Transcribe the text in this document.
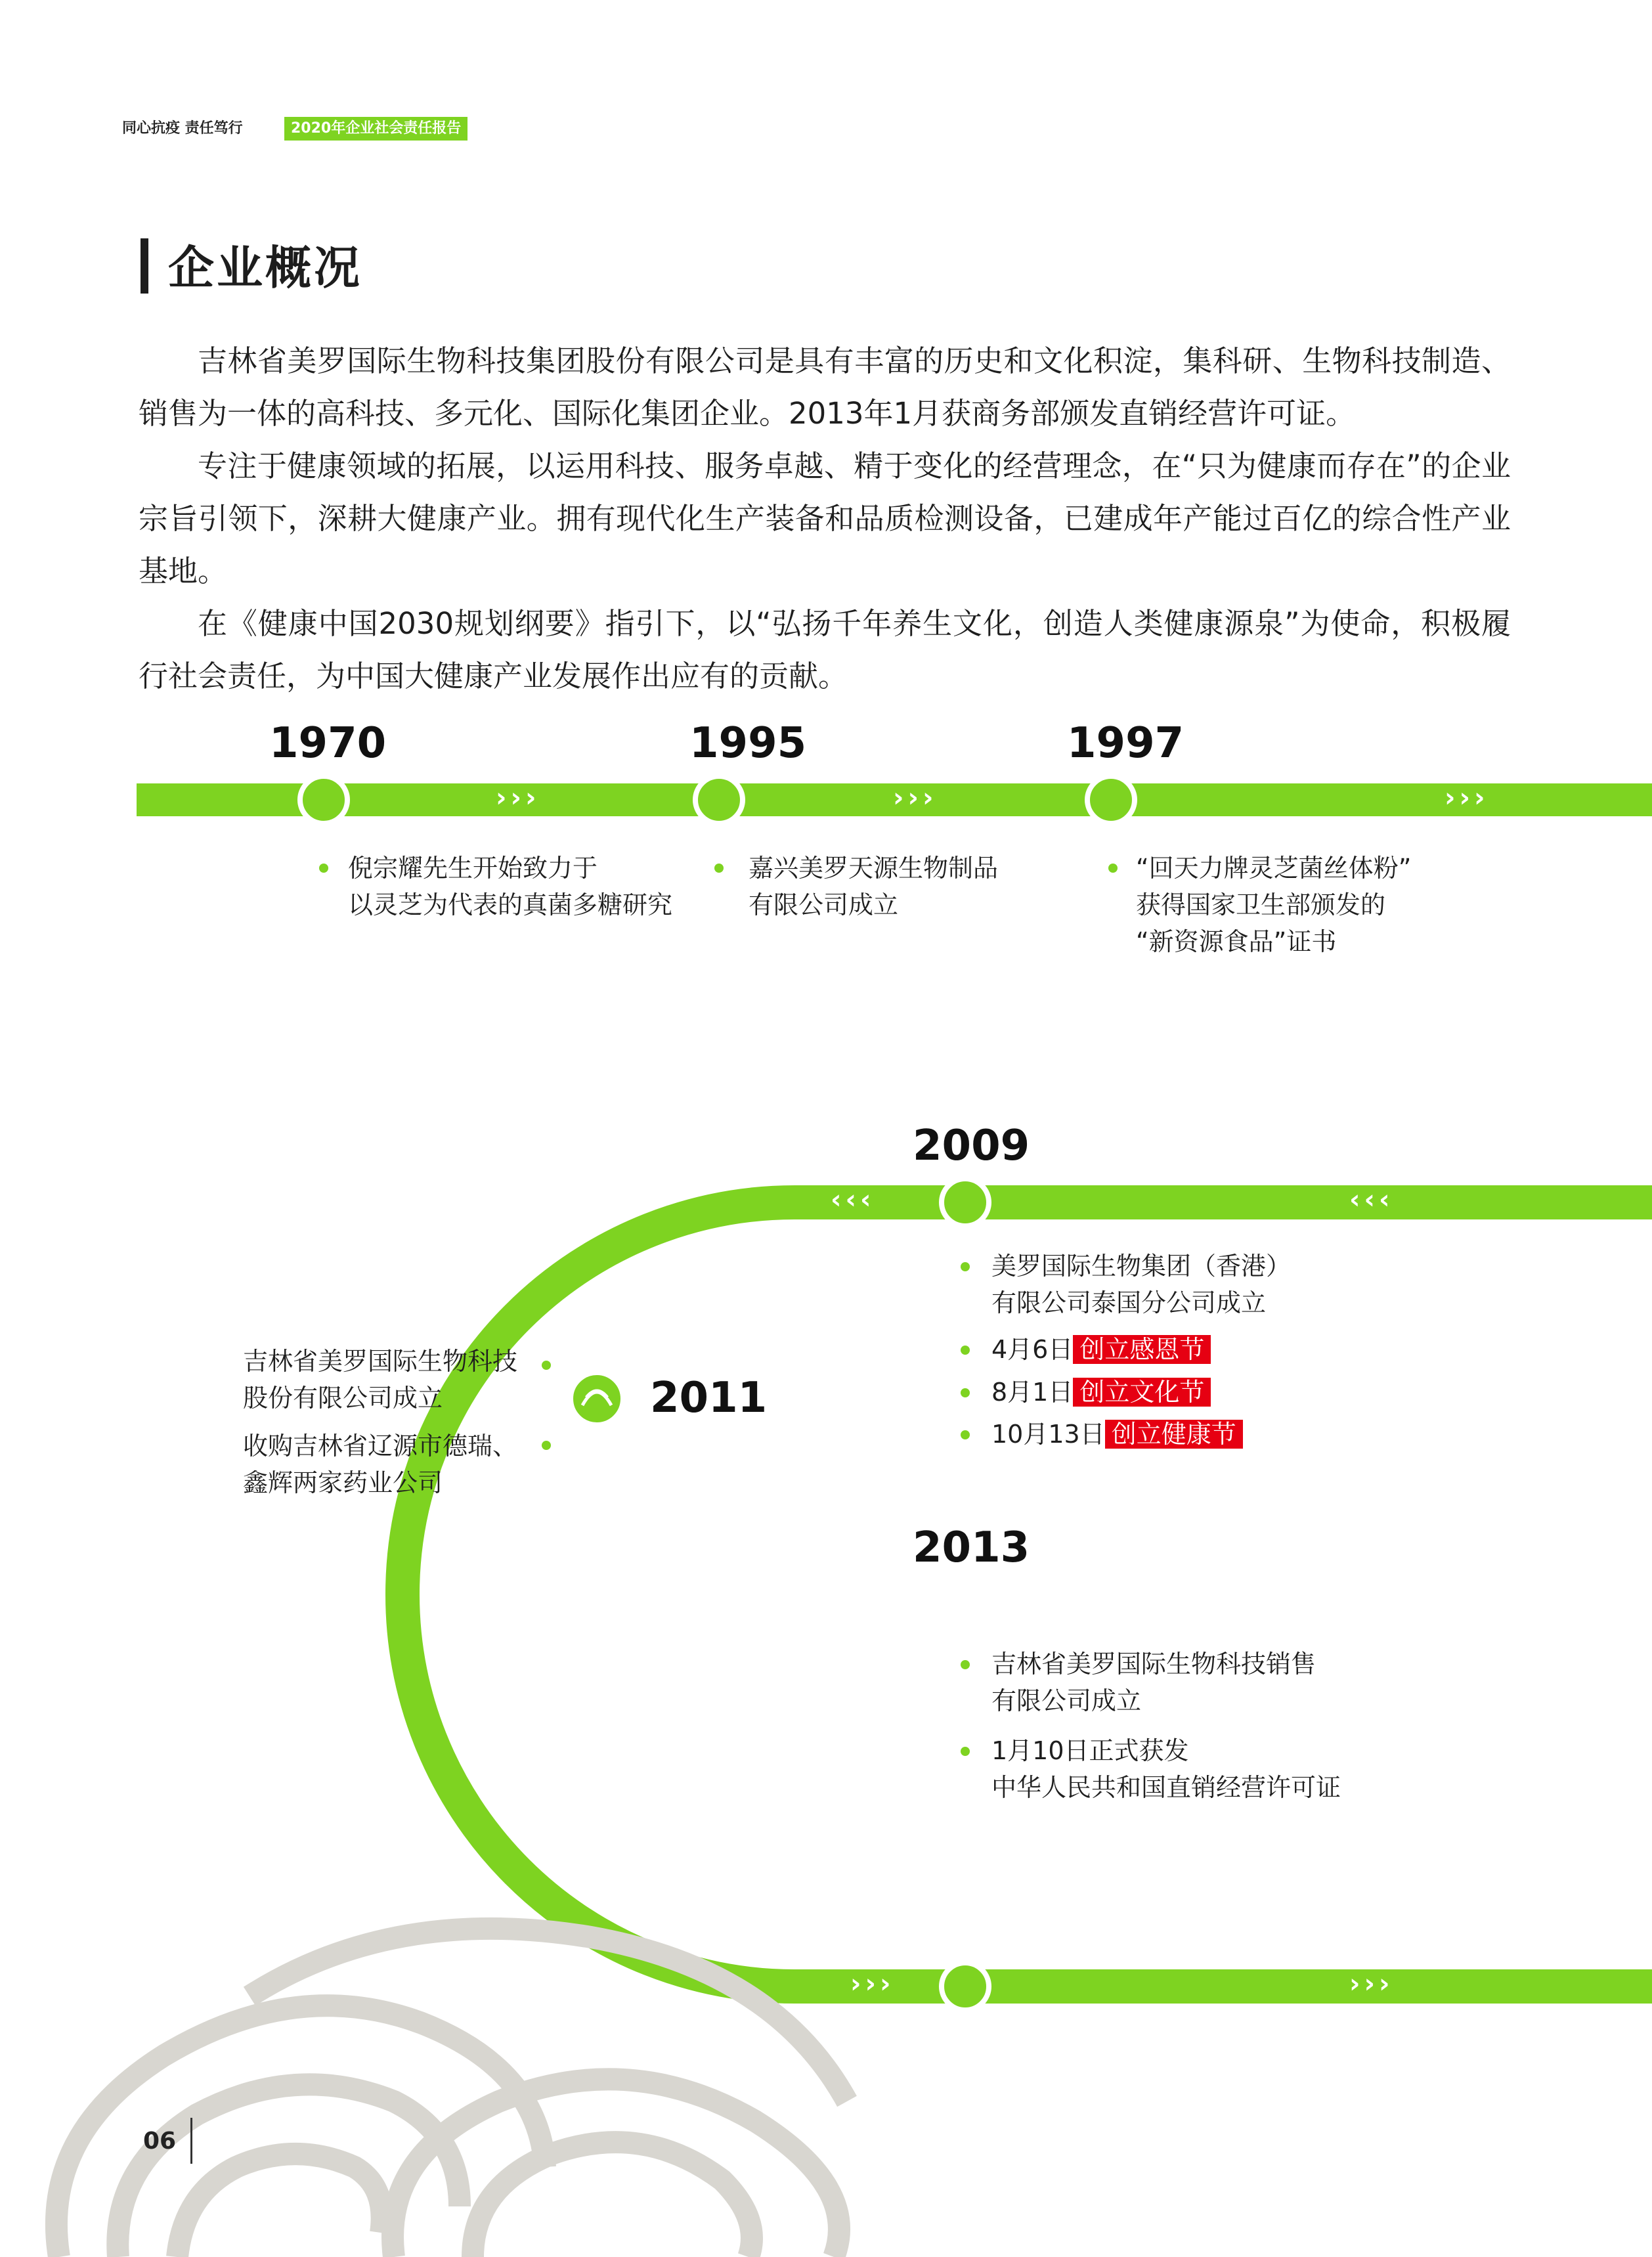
同心抗疫 责任笃行	2020年企业社会责任报告
企业概况
吉林省美罗国际生物科技集团股份有限公司是具有丰富的历史和文化积淀，集科研、生物科技制造、销售为一体的高科技、多元化、国际化集团企业。2013年1月获商务部颁发直销经营许可证。
专注于健康领域的拓展，以运用科技、服务卓越、精于变化的经营理念，在“只为健康而存在”的企业宗旨引领下，深耕大健康产业。拥有现代化生产装备和品质检测设备，已建成年产能过百亿的综合性产业基地。
在《健康中国2030规划纲要》指引下，以“弘扬千年养生文化，创造人类健康源泉”为使命，积极履行社会责任，为中国大健康产业发展作出应有的贡献。
›››	›››	›››
‹‹‹	‹‹‹
›››	›››
1970
倪宗耀先生开始致力于
以灵芝为代表的真菌多糖研究
1995
嘉兴美罗天源生物制品
有限公司成立
1997
“回天力牌灵芝菌丝体粉”
获得国家卫生部颁发的
“新资源食品”证书
2009
美罗国际生物集团（香港）
有限公司泰国分公司成立
4月6日 创立感恩节
8月1日 创立文化节
10月13日 创立健康节
2011
吉林省美罗国际生物科技
股份有限公司成立
收购吉林省辽源市德瑞、
鑫辉两家药业公司
2013
吉林省美罗国际生物科技销售
有限公司成立
1月10日正式获发
中华人民共和国直销经营许可证
06
